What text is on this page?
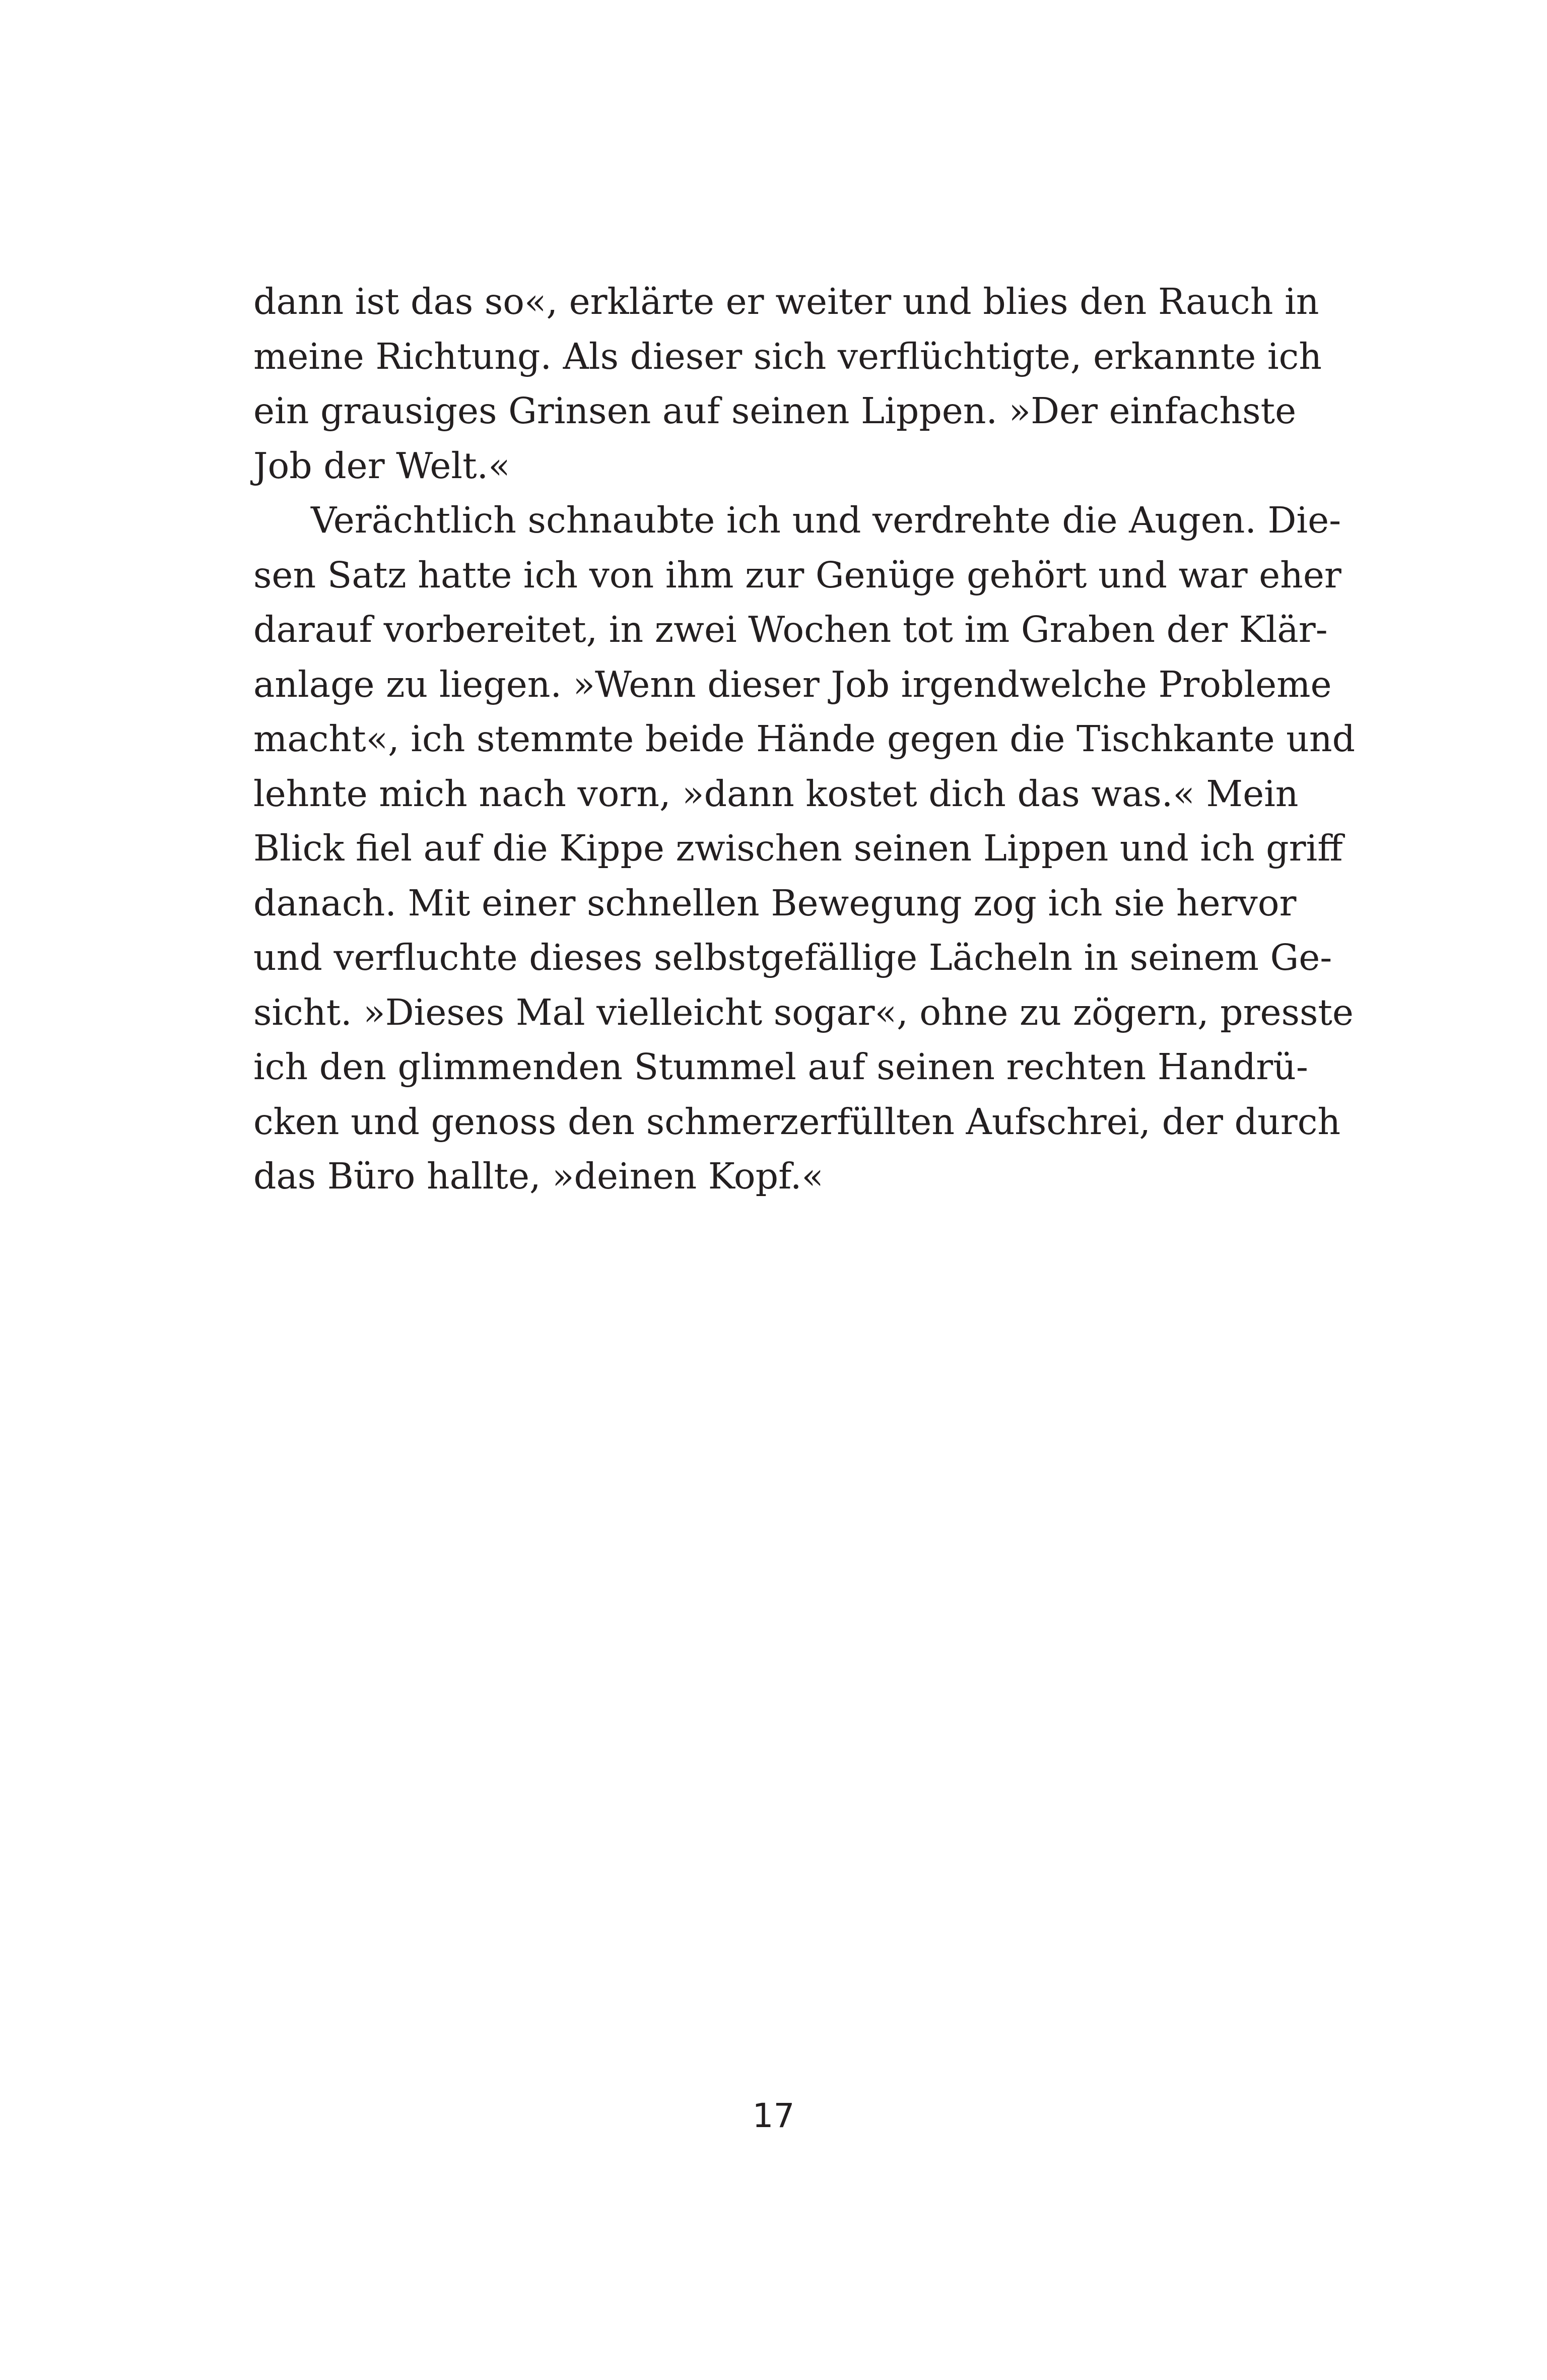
dann ist das so«, erklärte er weiter und blies den Rauch in
meine Richtung. Als dieser sich verflüchtigte, erkannte ich
ein grausiges Grinsen auf seinen Lippen. »Der einfachste
Job der Welt.«
Verächtlich schnaubte ich und verdrehte die Augen. Die-
sen Satz hatte ich von ihm zur Genüge gehört und war eher
darauf vorbereitet, in zwei Wochen tot im Graben der Klär-
anlage zu liegen. »Wenn dieser Job irgendwelche Probleme
macht«, ich stemmte beide Hände gegen die Tischkante und
lehnte mich nach vorn, »dann kostet dich das was.« Mein
Blick fiel auf die Kippe zwischen seinen Lippen und ich griff
danach. Mit einer schnellen Bewegung zog ich sie hervor
und verfluchte dieses selbstgefällige Lächeln in seinem Ge-
sicht. »Dieses Mal vielleicht sogar«, ohne zu zögern, presste
ich den glimmenden Stummel auf seinen rechten Handrü-
cken und genoss den schmerzerfüllten Aufschrei, der durch
das Büro hallte, »deinen Kopf.«
17
